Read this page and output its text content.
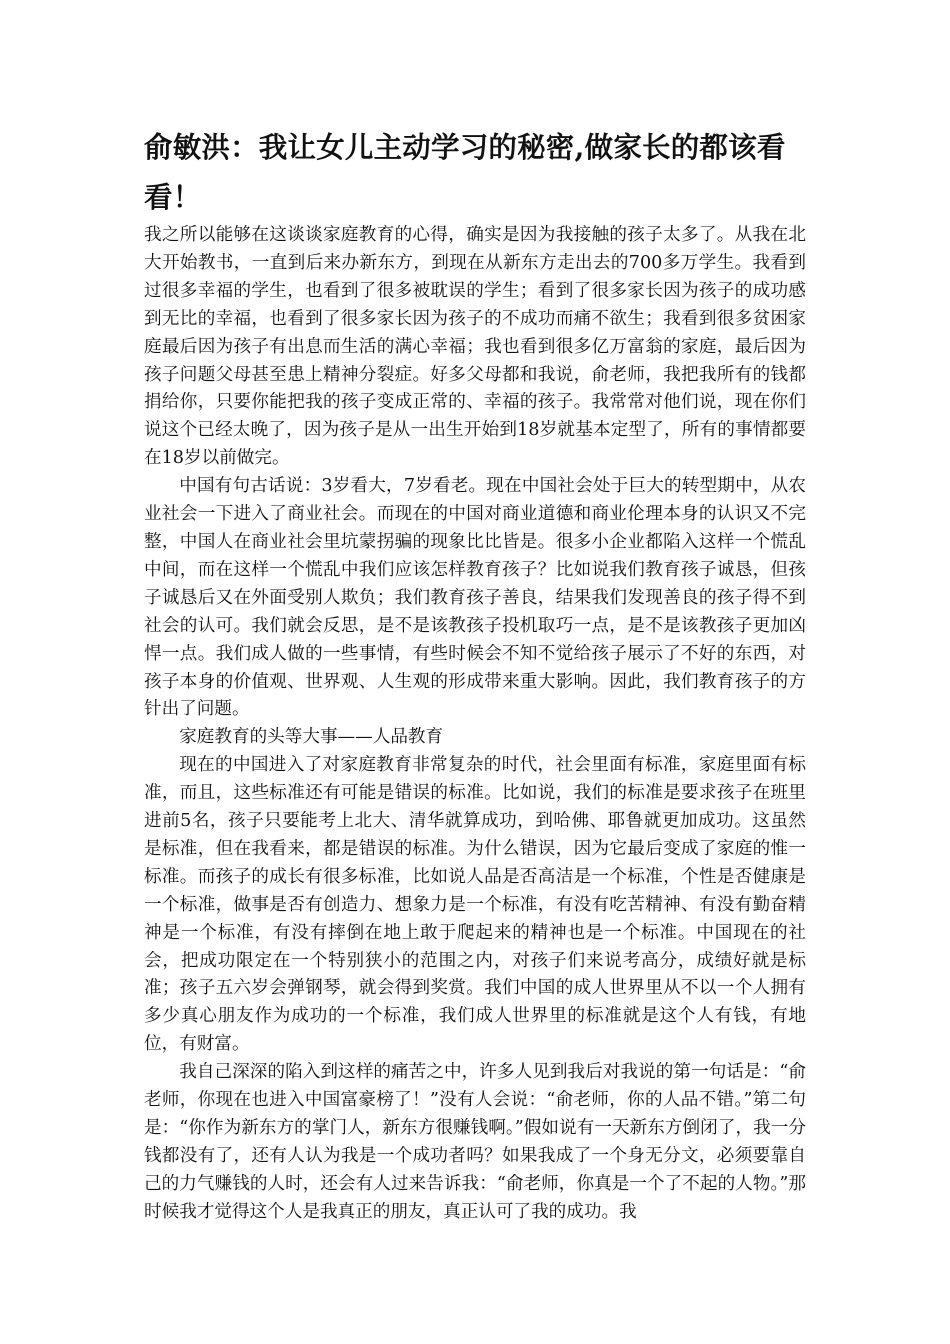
俞敏洪：我让女儿主动学习的秘密,做家长的都该看看！

我之所以能够在这谈谈家庭教育的心得，确实是因为我接触的孩子太多了。从我在北大开始教书，一直到后来办新东方，到现在从新东方走出去的700多万学生。我看到过很多幸福的学生，也看到了很多被耽误的学生；看到了很多家长因为孩子的成功感到无比的幸福，也看到了很多家长因为孩子的不成功而痛不欲生；我看到很多贫困家庭最后因为孩子有出息而生活的满心幸福；我也看到很多亿万富翁的家庭，最后因为孩子问题父母甚至患上精神分裂症。好多父母都和我说，俞老师，我把我所有的钱都捐给你，只要你能把我的孩子变成正常的、幸福的孩子。我常常对他们说，现在你们说这个已经太晚了，因为孩子是从一出生开始到18岁就基本定型了，所有的事情都要在18岁以前做完。

中国有句古话说：3岁看大，7岁看老。现在中国社会处于巨大的转型期中，从农业社会一下进入了商业社会。而现在的中国对商业道德和商业伦理本身的认识又不完整，中国人在商业社会里坑蒙拐骗的现象比比皆是。很多小企业都陷入这样一个慌乱中间，而在这样一个慌乱中我们应该怎样教育孩子？比如说我们教育孩子诚恳，但孩子诚恳后又在外面受别人欺负；我们教育孩子善良，结果我们发现善良的孩子得不到社会的认可。我们就会反思，是不是该教孩子投机取巧一点，是不是该教孩子更加凶悍一点。我们成人做的一些事情，有些时候会不知不觉给孩子展示了不好的东西，对孩子本身的价值观、世界观、人生观的形成带来重大影响。因此，我们教育孩子的方针出了问题。

家庭教育的头等大事——人品教育

现在的中国进入了对家庭教育非常复杂的时代，社会里面有标准，家庭里面有标准，而且，这些标准还有可能是错误的标准。比如说，我们的标准是要求孩子在班里进前5名，孩子只要能考上北大、清华就算成功，到哈佛、耶鲁就更加成功。这虽然是标准，但在我看来，都是错误的标准。为什么错误，因为它最后变成了家庭的惟一标准。而孩子的成长有很多标准，比如说人品是否高洁是一个标准，个性是否健康是一个标准，做事是否有创造力、想象力是一个标准，有没有吃苦精神、有没有勤奋精神是一个标准，有没有摔倒在地上敢于爬起来的精神也是一个标准。中国现在的社会，把成功限定在一个特别狭小的范围之内，对孩子们来说考高分，成绩好就是标准；孩子五六岁会弹钢琴，就会得到奖赏。我们中国的成人世界里从不以一个人拥有多少真心朋友作为成功的一个标准，我们成人世界里的标准就是这个人有钱，有地位，有财富。

我自己深深的陷入到这样的痛苦之中，许多人见到我后对我说的第一句话是：“俞老师，你现在也进入中国富豪榜了！”没有人会说：“俞老师，你的人品不错。”第二句是：“你作为新东方的掌门人，新东方很赚钱啊。”假如说有一天新东方倒闭了，我一分钱都没有了，还有人认为我是一个成功者吗？如果我成了一个身无分文，必须要靠自己的力气赚钱的人时，还会有人过来告诉我：“俞老师，你真是一个了不起的人物。”那时候我才觉得这个人是我真正的朋友，真正认可了我的成功。我
